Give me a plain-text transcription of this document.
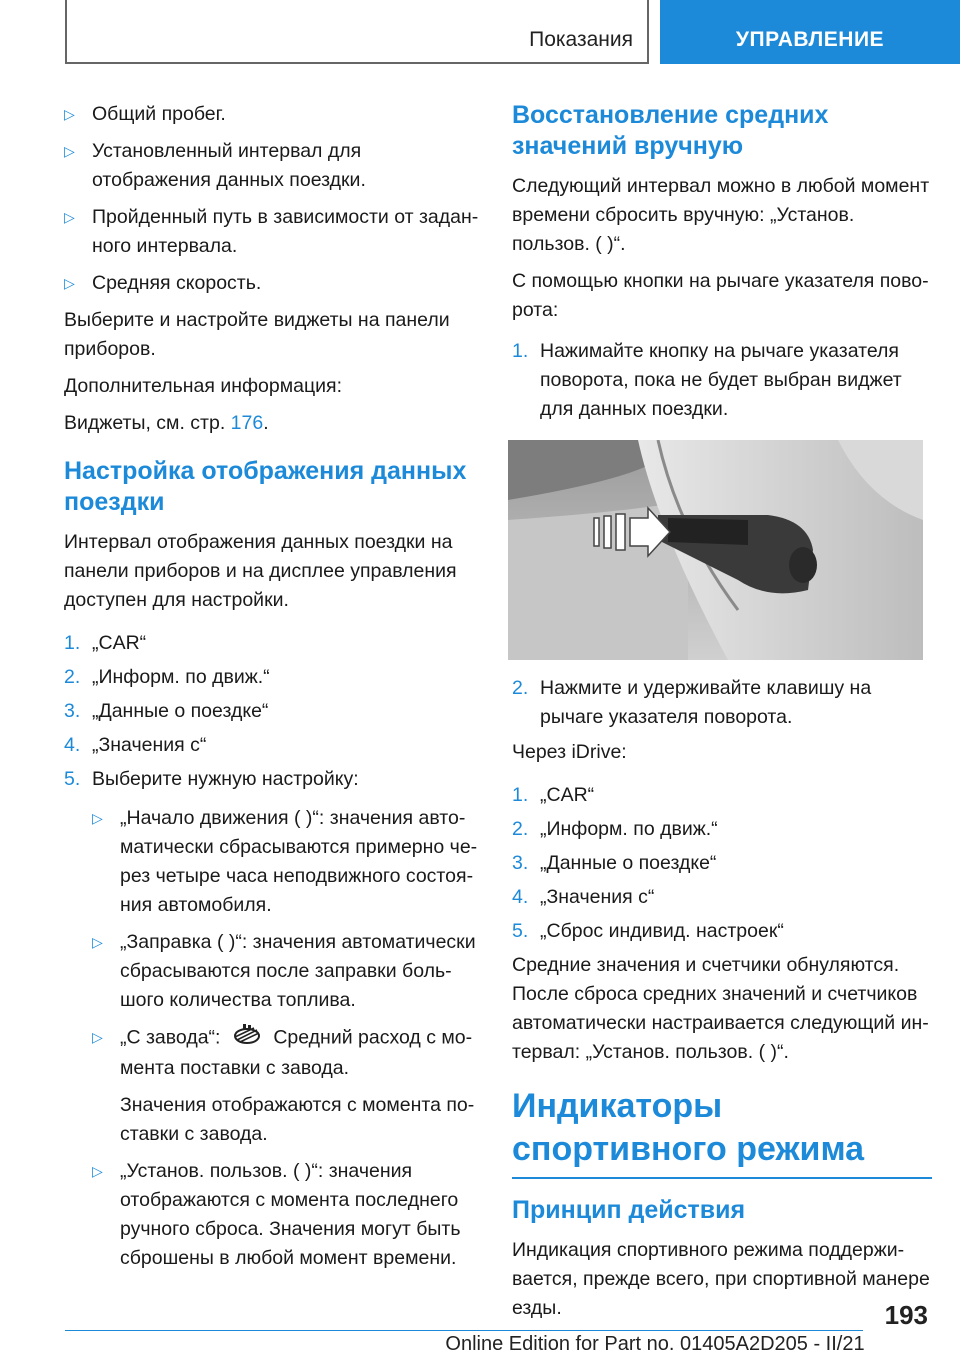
Показания	УПРАВЛЕНИЕ
▷ Общий пробег.
▷ Установленный интервал для отображения данных поездки.
▷ Пройденный путь в зависимости от заданного интервала.
▷ Средняя скорость.

Выберите и настройте виджеты на панели приборов.

Дополнительная информация:

Виджеты, см. стр. 176.

Настройка отображения данных поездки

Интервал отображения данных поездки на панели приборов и на дисплее управления доступен для настройки.

1. „CAR“
2. „Информ. по движ.“
3. „Данные о поездке“
4. „Значения с“
5. Выберите нужную настройку:
▷ „Начало движения ( )“: значения автоматически сбрасываются примерно через четыре часа неподвижного состояния автомобиля.
▷ „Заправка ( )“: значения автоматически сбрасываются после заправки большого количества топлива.
▷ „С завода“:	Средний расход с момента поставки с завода.

Значения отображаются с момента поставки с завода.

▷ „Установ. пользов. ( )“: значения отображаются с момента последнего ручного сброса. Значения могут быть сброшены в любой момент времени.
Восстановление средних значений вручную

Следующий интервал можно в любой момент времени сбросить вручную: „Установ. пользов. ( )“.

С помощью кнопки на рычаге указателя поворота:

1. Нажимайте кнопку на рычаге указателя поворота, пока не будет выбран виджет для данных поездки.
2. Нажмите и удерживайте клавишу на рычаге указателя поворота.

Через iDrive:

1. „CAR“
2. „Информ. по движ.“
3. „Данные о поездке“
4. „Значения с“
5. „Сброс индивид. настроек“

Средние значения и счетчики обнуляются. После сброса средних значений и счетчиков автоматически настраивается следующий интервал: „Установ. пользов. ( )“.

Индикаторы спортивного режима
Принцип действия

Индикация спортивного режима поддерживается, прежде всего, при спортивной манере езды.	193
Online Edition for Part no. 01405A2D205 - II/21
